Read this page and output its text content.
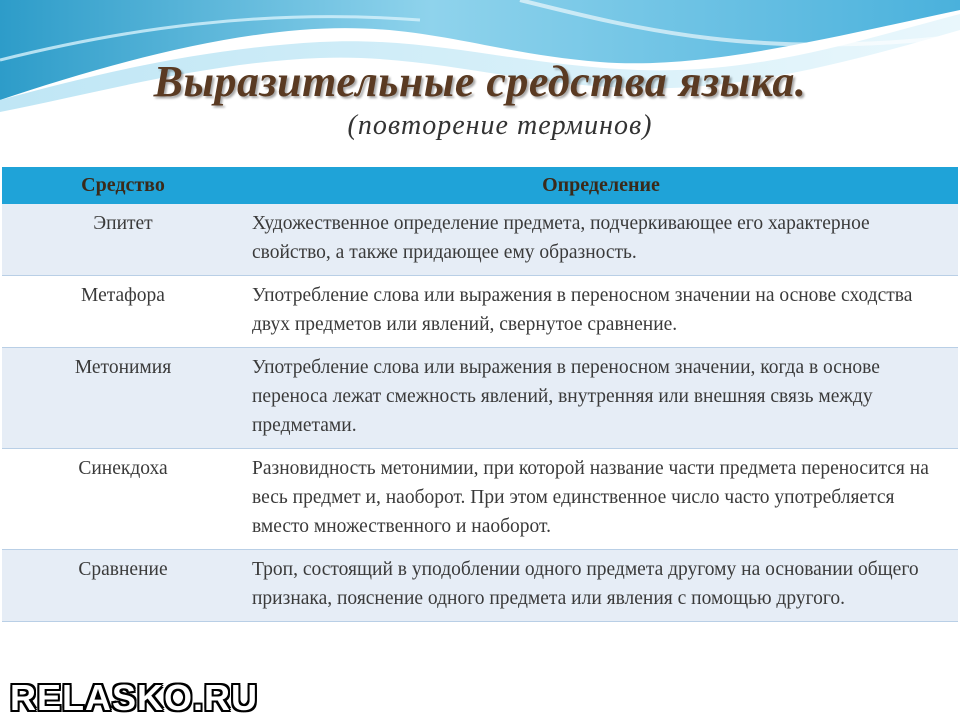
Выразительные средства языка.
(повторение терминов)
Средство	Определение
Эпитет	Художественное определение предмета, подчеркивающее его характерное свойство, а также придающее ему образность.
Метафора	Употребление слова или выражения в переносном значении на основе сходства двух предметов или явлений, свернутое сравнение.
Метонимия	Употребление слова или выражения в переносном значении, когда в основе переноса лежат смежность явлений, внутренняя или внешняя связь между предметами.
Синекдоха	Разновидность метонимии, при которой название части предмета переносится на весь предмет и, наоборот. При этом единственное число часто употребляется вместо множественного и наоборот.
Сравнение	Троп, состоящий в уподоблении одного предмета другому на основании общего признака, пояснение одного предмета или явления с помощью другого.
RELASKO.RU
